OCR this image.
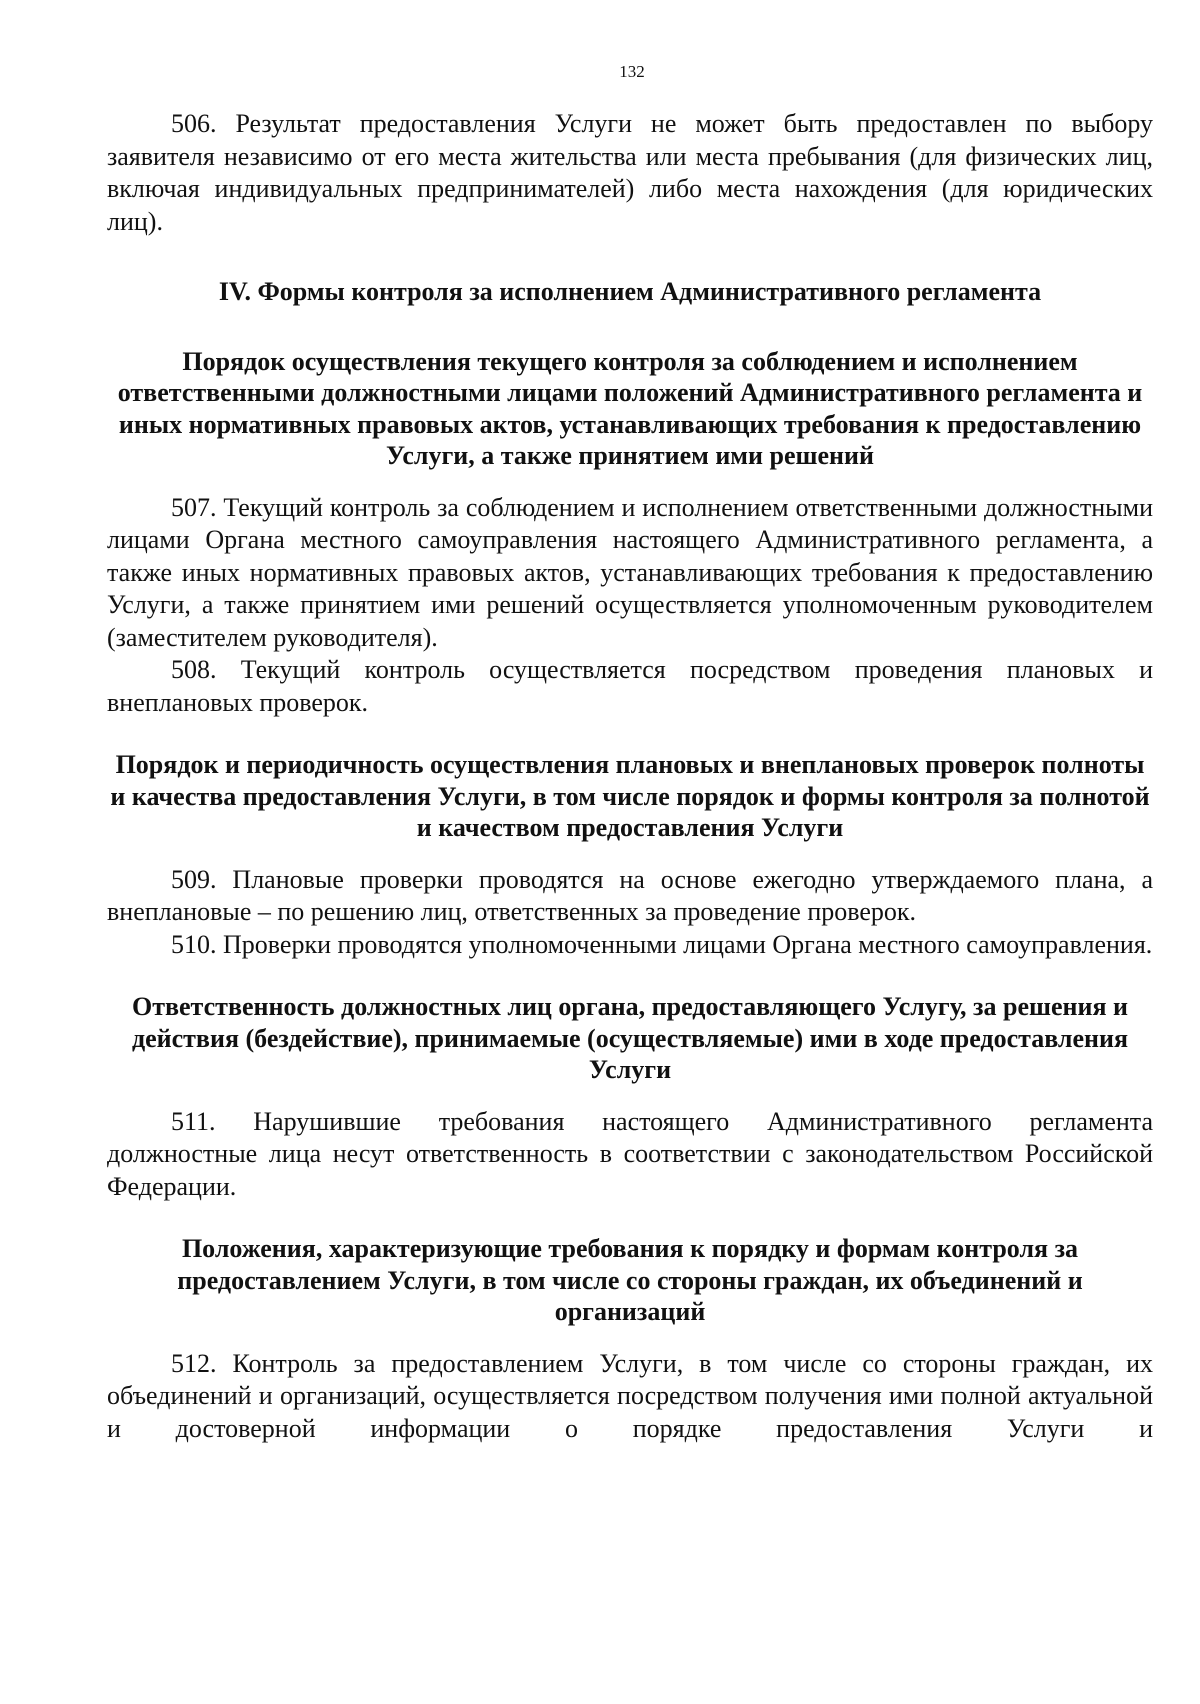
132

506. Результат предоставления Услуги не может быть предоставлен по выбору заявителя независимо от его места жительства или места пребывания (для физических лиц, включая индивидуальных предпринимателей) либо места нахождения (для юридических лиц).

IV. Формы контроля за исполнением Административного регламента

Порядок осуществления текущего контроля за соблюдением и исполнением ответственными должностными лицами положений Административного регламента и иных нормативных правовых актов, устанавливающих требования к предоставлению Услуги, а также принятием ими решений

507. Текущий контроль за соблюдением и исполнением ответственными должностными лицами Органа местного самоуправления настоящего Административного регламента, а также иных нормативных правовых актов, устанавливающих требования к предоставлению Услуги, а также принятием ими решений осуществляется уполномоченным руководителем (заместителем руководителя).

508. Текущий контроль осуществляется посредством проведения плановых и внеплановых проверок.

Порядок и периодичность осуществления плановых и внеплановых проверок полноты и качества предоставления Услуги, в том числе порядок и формы контроля за полнотой и качеством предоставления Услуги

509. Плановые проверки проводятся на основе ежегодно утверждаемого плана, а внеплановые – по решению лиц, ответственных за проведение проверок.

510. Проверки проводятся уполномоченными лицами Органа местного самоуправления.

Ответственность должностных лиц органа, предоставляющего Услугу, за решения и действия (бездействие), принимаемые (осуществляемые) ими в ходе предоставления Услуги

511. Нарушившие требования настоящего Административного регламента должностные лица несут ответственность в соответствии с законодательством Российской Федерации.

Положения, характеризующие требования к порядку и формам контроля за предоставлением Услуги, в том числе со стороны граждан, их объединений и организаций

512. Контроль за предоставлением Услуги, в том числе со стороны граждан, их объединений и организаций, осуществляется посредством получения ими полной актуальной и достоверной информации о порядке предоставления Услуги и
